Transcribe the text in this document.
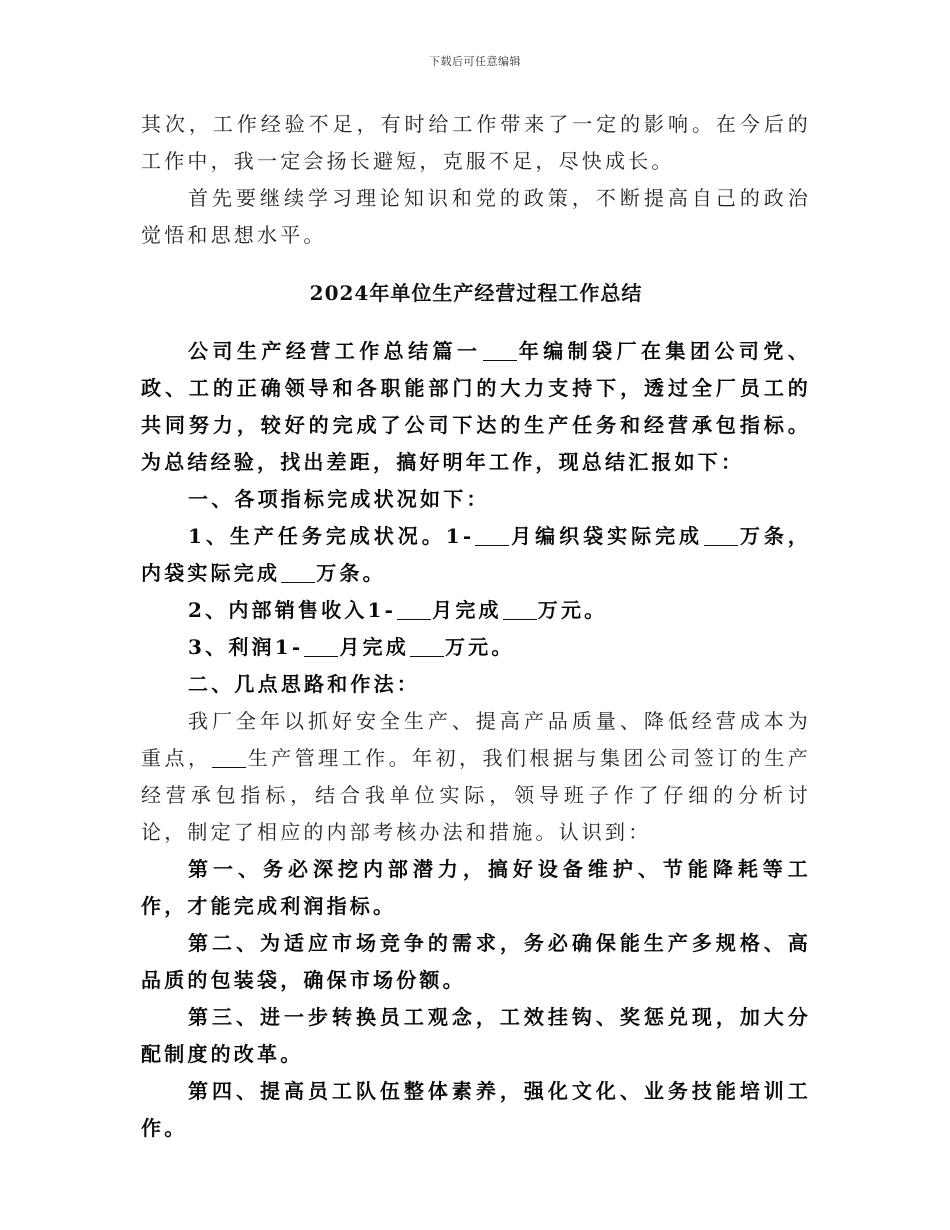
下载后可任意编辑

其次，工作经验不足，有时给工作带来了一定的影响。在今后的工作中，我一定会扬长避短，克服不足，尽快成长。

首先要继续学习理论知识和党的政策，不断提高自己的政治觉悟和思想水平。

2024年单位生产经营过程工作总结

公司生产经营工作总结篇一 年编制袋厂在集团公司党、政、工的正确领导和各职能部门的大力支持下，透过全厂员工的共同努力，较好的完成了公司下达的生产任务和经营承包指标。为总结经验，找出差距，搞好明年工作，现总结汇报如下：

一、各项指标完成状况如下：

1、生产任务完成状况。1- 月编织袋实际完成 万条，内袋实际完成 万条。

2、内部销售收入1- 月完成 万元。

3、利润1- 月完成 万元。

二、几点思路和作法：

我厂全年以抓好安全生产、提高产品质量、降低经营成本为重点， 生产管理工作。年初，我们根据与集团公司签订的生产经营承包指标，结合我单位实际，领导班子作了仔细的分析讨论，制定了相应的内部考核办法和措施。认识到：

第一、务必深挖内部潜力，搞好设备维护、节能降耗等工作，才能完成利润指标。

第二、为适应市场竞争的需求，务必确保能生产多规格、高品质的包装袋，确保市场份额。

第三、进一步转换员工观念，工效挂钩、奖惩兑现，加大分配制度的改革。

第四、提高员工队伍整体素养，强化文化、业务技能培训工作。
